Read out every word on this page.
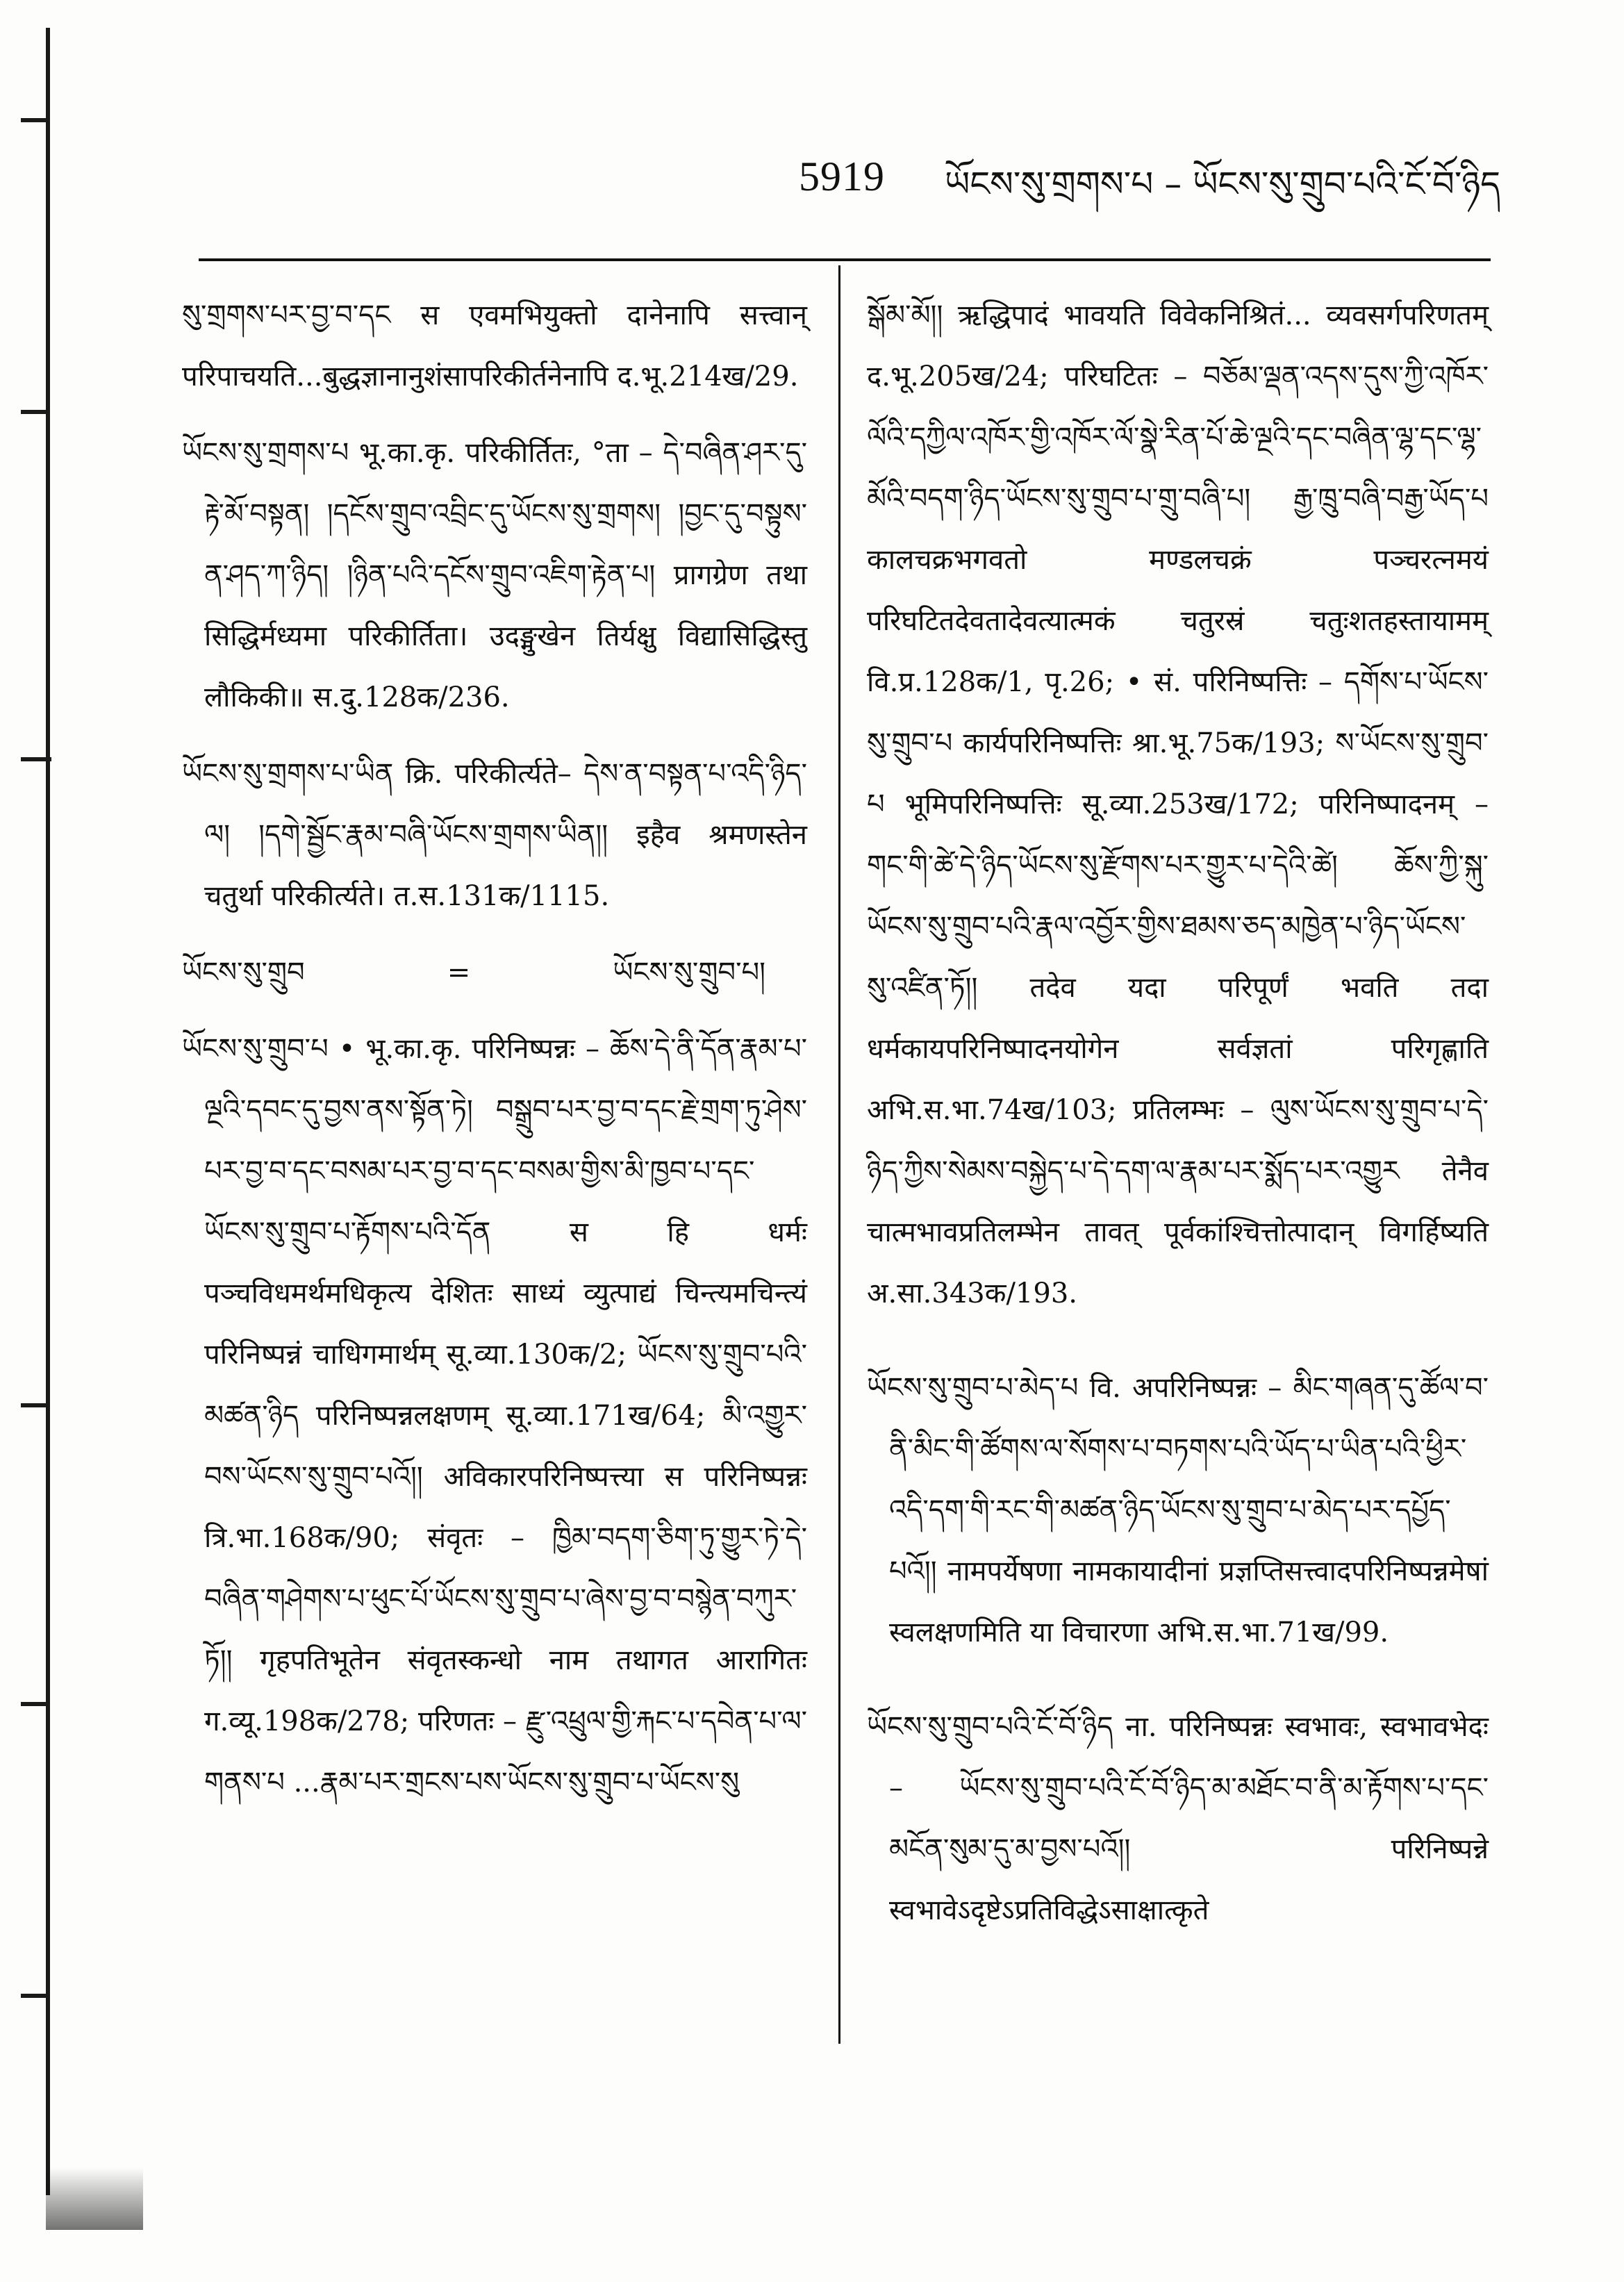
5919 ཡོངས་སུ་གྲགས་པ – ཡོངས་སུ་གྲུབ་པའི་ངོ་བོ་ཉིད

སུ་གྲགས་པར་བྱ་བ་དང स एवमभियुक्तो दानेनापि सत्त्वान् परिपाचयति...बुद्धज्ञानानुशंसापरिकीर्तनेनापि द.भू.214ख/29.

ཡོངས་སུ་གྲགས་པ भू.का.कृ. परिकीर्तितः, °ता – དེ་བཞིན་ཤར་དུ་རྟེ་མོ་བསྟན། །དངོས་གྲུབ་འབྲིང་དུ་ཡོངས་སུ་གྲགས། །བྱང་དུ་བསྟུས་ན་ཤད་ཀ་ཉིད། །ཉིན་པའི་དངོས་གྲུབ་འཇིག་རྟེན་པ། प्रागग्रेण तथा सिद्धिर्मध्यमा परिकीर्तिता। उदङ्मुखेन तिर्यक्षु विद्यासिद्धिस्तु लौकिकी॥ स.दु.128क/236.

ཡོངས་སུ་གྲགས་པ་ཡིན क्रि. परिकीर्त्यते– དེས་ན་བསྟན་པ་འདི་ཉིད་ལ། །དགེ་སྦྱོང་རྣམ་བཞི་ཡོངས་གྲགས་ཡིན།། इहैव श्रमणस्तेन चतुर्था परिकीर्त्यते। त.स.131क/1115.

ཡོངས་སུ་གྲུབ	=	ཡོངས་སུ་གྲུབ་པ།

ཡོངས་སུ་གྲུབ་པ • भू.का.कृ. परिनिष्पन्नः – ཆོས་དེ་ནི་དོན་རྣམ་པ་ལྔའི་དབང་དུ་བྱས་ནས་སྟོན་ཏེ། བསྒྲུབ་པར་བྱ་བ་དང་རྗེ་གྲག་ཏུ་ཤེས་པར་བྱ་བ་དང་བསམ་པར་བྱ་བ་དང་བསམ་གྱིས་མི་ཁྱབ་པ་དང་ཡོངས་སུ་གྲུབ་པ་རྟོགས་པའི་དོན स हि धर्मः पञ्चविधमर्थमधिकृत्य देशितः साध्यं व्युत्पाद्यं चिन्त्यमचिन्त्यं परिनिष्पन्नं चाधिगमार्थम् सू.व्या.130क/2; ཡོངས་སུ་གྲུབ་པའི་མཚན་ཉིད परिनिष्पन्नलक्षणम् सू.व्या.171ख/64; མི་འགྱུར་བས་ཡོངས་སུ་གྲུབ་པའོ།། अविकारपरिनिष्पत्त्या स परिनिष्पन्नः त्रि.भा.168क/90; संवृतः – ཁྱིམ་བདག་ཅིག་ཏུ་གྱུར་ཏེ་དེ་བཞིན་གཤེགས་པ་ཕུང་པོ་ཡོངས་སུ་གྲུབ་པ་ཞེས་བྱ་བ་བསྙེན་བཀུར་ཏོ།། गृहपतिभूतेन संवृतस्कन्धो नाम तथागत आरागितः ग.व्यू.198क/278; परिणतः – རྫུ་འཕྲུལ་གྱི་རྐང་པ་དབེན་པ་ལ་གནས་པ ...རྣམ་པར་གྲངས་པས་ཡོངས་སུ་གྲུབ་པ་ཡོངས་སུ

སྒོམ་མོ།། ऋद्धिपादं भावयति विवेकनिश्रितं... व्यवसर्गपरिणतम् द.भू.205ख/24; परिघटितः – བཅོམ་ལྡན་འདས་དུས་ཀྱི་འཁོར་ལོའི་དཀྱིལ་འཁོར་གྱི་འཁོར་ལོ་སྣེ་རིན་པོ་ཆེ་ལྔའི་དང་བཞིན་ལྷ་དང་ལྷ་མོའི་བདག་ཉིད་ཡོངས་སུ་གྲུབ་པ་གྲུ་བཞི་པ། རྒྱ་ཁྲུ་བཞི་བརྒྱ་ཡོད་པ कालचक्रभगवतो मण्डलचक्रं पञ्चरत्नमयं परिघटितदेवतादेवत्यात्मकं चतुरस्रं चतुःशतहस्तायामम् वि.प्र.128क/1, पृ.26; • सं. परिनिष्पत्तिः – དགོས་པ་ཡོངས་སུ་གྲུབ་པ कार्यपरिनिष्पत्तिः श्रा.भू.75क/193; ས་ཡོངས་སུ་གྲུབ་པ भूमिपरिनिष्पत्तिः सू.व्या.253ख/172; परिनिष्पादनम् – གང་གི་ཚེ་དེ་ཉིད་ཡོངས་སུ་རྫོགས་པར་གྱུར་པ་དེའི་ཚེ། ཆོས་ཀྱི་སྐུ་ཡོངས་སུ་གྲུབ་པའི་རྣལ་འབྱོར་གྱིས་ཐམས་ཅད་མཁྱེན་པ་ཉིད་ཡོངས་སུ་འཛིན་ཏོ།། तदेव यदा परिपूर्णं भवति तदा धर्मकायपरिनिष्पादनयोगेन सर्वज्ञतां परिगृह्णाति अभि.स.भा.74ख/103; प्रतिलम्भः – ལུས་ཡོངས་སུ་གྲུབ་པ་དེ་ཉིད་ཀྱིས་སེམས་བསྐྱེད་པ་དེ་དག་ལ་རྣམ་པར་སྨོད་པར་འགྱུར तेनैव चात्मभावप्रतिलम्भेन तावत् पूर्वकांश्चित्तोत्पादान् विगर्हिष्यति अ.सा.343क/193.

ཡོངས་སུ་གྲུབ་པ་མེད་པ वि. अपरिनिष्पन्नः – མིང་གཞན་དུ་ཚོལ་བ་ནི་མིང་གི་ཚོགས་ལ་སོགས་པ་བཏགས་པའི་ཡོད་པ་ཡིན་པའི་ཕྱིར་འདི་དག་གི་རང་གི་མཚན་ཉིད་ཡོངས་སུ་གྲུབ་པ་མེད་པར་དཔྱོད་པའོ།། नामपर्येषणा नामकायादीनां प्रज्ञप्तिसत्त्वादपरिनिष्पन्नमेषां स्वलक्षणमिति या विचारणा अभि.स.भा.71ख/99.

ཡོངས་སུ་གྲུབ་པའི་ངོ་བོ་ཉིད ना. परिनिष्पन्नः स्वभावः, स्वभावभेदः – ཡོངས་སུ་གྲུབ་པའི་ངོ་བོ་ཉིད་མ་མཐོང་བ་ནི་མ་རྟོགས་པ་དང་མངོན་སུམ་དུ་མ་བྱས་པའོ།། परिनिष्पन्ने स्वभावेऽदृष्टेऽप्रतिविद्धेऽसाक्षात्कृते
